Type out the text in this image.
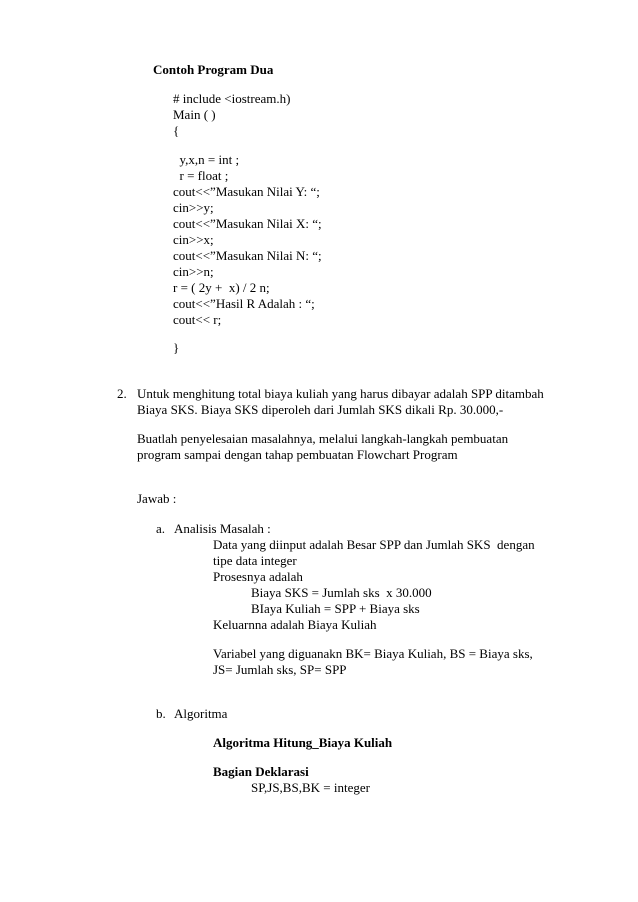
Contoh Program Dua
# include <iostream.h)
Main ( )
{
y,x,n = int ;
r = float ;
cout<<”Masukan Nilai Y: “;
cin>>y;
cout<<”Masukan Nilai X: “;
cin>>x;
cout<<”Masukan Nilai N: “;
cin>>n;
r = ( 2y +  x) / 2 n;
cout<<”Hasil R Adalah : “;
cout<< r;
}
2. Untuk menghitung total biaya kuliah yang harus dibayar adalah SPP ditambah
Biaya SKS. Biaya SKS diperoleh dari Jumlah SKS dikali Rp. 30.000,-
Buatlah penyelesaian masalahnya, melalui langkah-langkah pembuatan
program sampai dengan tahap pembuatan Flowchart Program
Jawab :
a. Analisis Masalah :
Data yang diinput adalah Besar SPP dan Jumlah SKS  dengan
tipe data integer
Prosesnya adalah
Biaya SKS = Jumlah sks  x 30.000
BIaya Kuliah = SPP + Biaya sks
Keluarnna adalah Biaya Kuliah
Variabel yang diguanakn BK= Biaya Kuliah, BS = Biaya sks,
JS= Jumlah sks, SP= SPP
b. Algoritma
Algoritma Hitung_Biaya Kuliah
Bagian Deklarasi
SP,JS,BS,BK = integer
